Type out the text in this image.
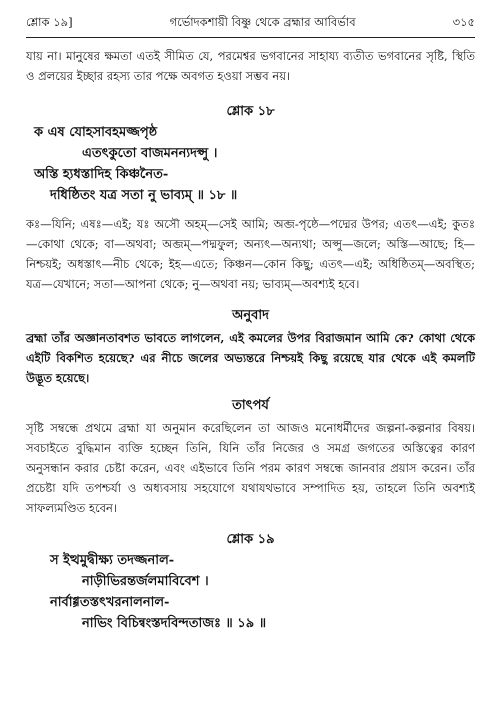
শ্লোক ১৯]	গর্ভোদকশায়ী বিষ্ণু থেকে ব্রহ্মার আবির্ভাব	৩১৫

যায় না। মানুষের ক্ষমতা এতই সীমিত যে, পরমেশ্বর ভগবানের সাহায্য ব্যতীত ভগবানের সৃষ্টি, স্থিতি ও প্রলয়ের ইচ্ছার রহস্য তার পক্ষে অবগত হওয়া সম্ভব নয়।

শ্লোক ১৮
ক এষ যোহসাবহমজ্জপৃষ্ঠ
এতৎকুতো বাজমনন্যদপ্সু ।
অস্তি হ্যধস্তাদিহ কিঞ্চনৈত-
দধিষ্ঠিতং যত্র সতা নু ভাব্যম্ ॥ ১৮ ॥

কঃ—যিনি; এষঃ—এই; যঃ অসৌ অহম্—সেই আমি; অব্জ-পৃষ্ঠে—পদ্মের উপর; এতৎ—এই; কুতঃ—কোথা থেকে; বা—অথবা; অব্জম্—পদ্মফুল; অন্যৎ—অন্যথা; অপ্সু—জলে; অস্তি—আছে; হি—নিশ্চয়ই; অধস্তাৎ—নীচ থেকে; ইহ—এতে; কিঞ্চন—কোন কিছু; এতৎ—এই; অধিষ্ঠিতম্—অবস্থিত; যত্র—যেখানে; সতা—আপনা থেকে; নু—অথবা নয়; ভাব্যম্—অবশ্যই হবে।

অনুবাদ

ব্রহ্মা তাঁর অজ্ঞানতাবশত ভাবতে লাগলেন, এই কমলের উপর বিরাজমান আমি কে? কোথা থেকে এইটি বিকশিত হয়েছে? এর নীচে জলের অভ্যন্তরে নিশ্চয়ই কিছু রয়েছে যার থেকে এই কমলটি উদ্ভূত হয়েছে।

তাৎপর্য

সৃষ্টি সম্বন্ধে প্রথমে ব্রহ্মা যা অনুমান করেছিলেন তা আজও মনোধর্মীদের জল্পনা-কল্পনার বিষয়। সবচাইতে বুদ্ধিমান ব্যক্তি হচ্ছেন তিনি, যিনি তাঁর নিজের ও সমগ্র জগতের অস্তিত্বের কারণ অনুসন্ধান করার চেষ্টা করেন, এবং এইভাবে তিনি পরম কারণ সম্বন্ধে জানবার প্রয়াস করেন। তাঁর প্রচেষ্টা যদি তপশ্চর্যা ও অধ্যবসায় সহযোগে যথাযথভাবে সম্পাদিত হয়, তাহলে তিনি অবশ্যই সাফল্যমণ্ডিত হবেন।

শ্লোক ১৯
স ইত্থমুদ্বীক্ষ্য তদজ্জনাল-
নাড়ীভিরন্তর্জলমাবিবেশ ।
নার্বাগ্গতস্তৎখরনালনাল-
নাভিং বিচিন্বংস্তদবিন্দতাজঃ ॥ ১৯ ॥
